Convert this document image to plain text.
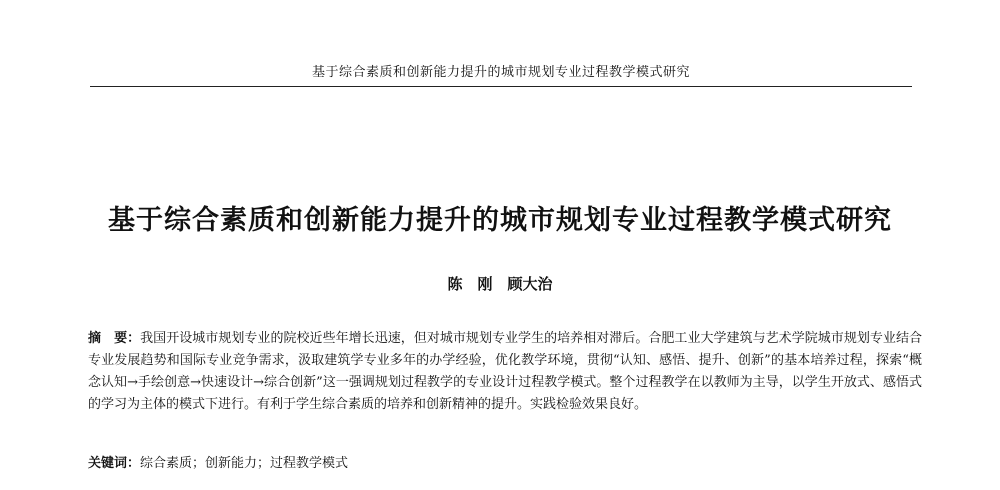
基于综合素质和创新能力提升的城市规划专业过程教学模式研究
基于综合素质和创新能力提升的城市规划专业过程教学模式研究
陈　刚　顾大治
摘　要：我国开设城市规划专业的院校近些年增长迅速，但对城市规划专业学生的培养相对滞后。合肥工业大学建筑与艺术学院城市规划专业结合专业发展趋势和国际专业竞争需求，汲取建筑学专业多年的办学经验，优化教学环境，贯彻“认知、感悟、提升、创新”的基本培养过程，探索“概念认知→手绘创意→快速设计→综合创新”这一强调规划过程教学的专业设计过程教学模式。整个过程教学在以教师为主导，以学生开放式、感悟式的学习为主体的模式下进行。有利于学生综合素质的培养和创新精神的提升。实践检验效果良好。
关键词：综合素质；创新能力；过程教学模式
